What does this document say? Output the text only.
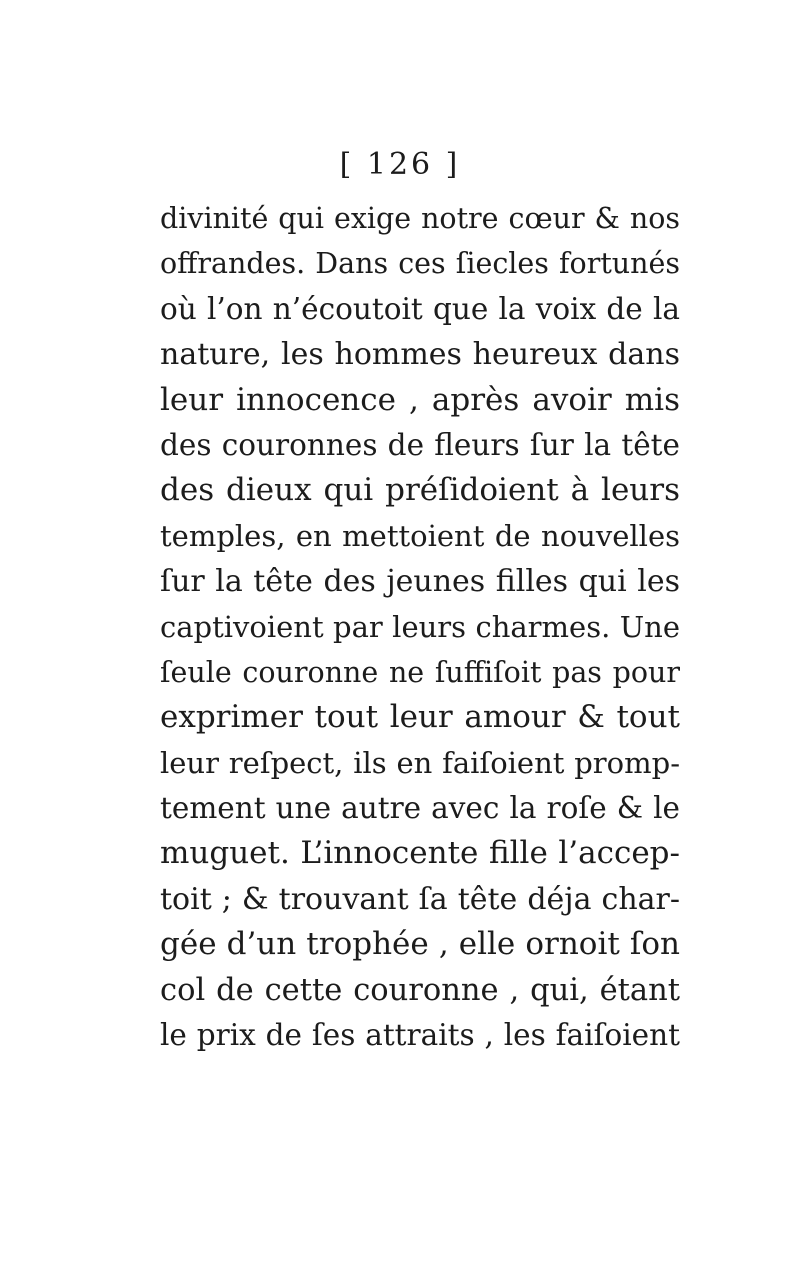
[ 126 ]
divinité qui exige notre cœur & nos
offrandes. Dans ces ſiecles fortunés
où l’on n’écoutoit que la voix de la
nature, les hommes heureux dans
leur innocence , après avoir mis
des couronnes de fleurs ſur la tête
des dieux qui préſidoient à leurs
temples, en mettoient de nouvelles
ſur la tête des jeunes filles qui les
captivoient par leurs charmes. Une
ſeule couronne ne ſuffiſoit pas pour
exprimer tout leur amour & tout
leur reſpect, ils en faiſoient promp-
tement une autre avec la roſe & le
muguet. L’innocente fille l’accep-
toit ; & trouvant ſa tête déja char-
gée d’un trophée , elle ornoit ſon
col de cette couronne , qui, étant
le prix de ſes attraits , les faiſoient
